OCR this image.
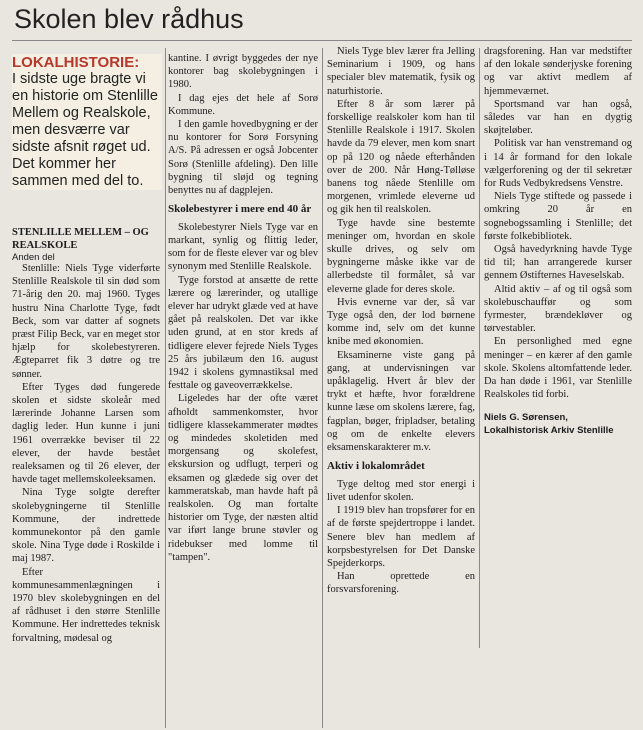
Skolen blev rådhus

LOKALHISTORIE:

I sidste uge bragte vi en historie om Stenlille Mellem og Realskole, men desværre var sidste afsnit røget ud. Det kommer her sammen med del to.

STENLILLE MELLEM – OG REALSKOLE

Anden del

Stenlille: Niels Tyge viderførte Stenlille Realskole til sin død som 71-årig den 20. maj 1960. Tyges hustru Nina Charlotte Tyge, født Beck, som var datter af sognets præst Filip Beck, var en meget stor hjælp for skolebestyreren. Ægteparret fik 3 døtre og tre sønner.

Efter Tyges død fungerede skolen et sidste skoleår med lærerinde Johanne Larsen som daglig leder. Hun kunne i juni 1961 overrække beviser til 22 elever, der havde bestået realeksamen og til 26 elever, der havde taget mellemskoleeksamen.

Nina Tyge solgte derefter skolebygningerne til Stenlille Kommune, der indrettede kommunekontor på den gamle skole. Nina Tyge døde i Roskilde i maj 1987.

Efter kommunesammenlægningen i 1970 blev skolebygningen en del af rådhuset i den større Stenlille Kommune. Her indrettedes teknisk forvaltning, mødesal og

kantine. I øvrigt byggedes der nye kontorer bag skolebygningen i 1980.

I dag ejes det hele af Sorø Kommune.

I den gamle hovedbygning er der nu kontorer for Sorø Forsyning A/S. På adressen er også Jobcenter Sorø (Stenlille afdeling). Den lille bygning til sløjd og tegning benyttes nu af dagplejen.

Skolebestyrer i mere end 40 år

Skolebestyrer Niels Tyge var en markant, synlig og flittig leder, som for de fleste elever var og blev synonym med Stenlille Realskole.

Tyge forstod at ansætte de rette lærere og lærerinder, og utallige elever har udrykt glæde ved at have gået på realskolen. Det var ikke uden grund, at en stor kreds af tidligere elever fejrede Niels Tyges 25 års jubilæum den 16. august 1942 i skolens gymnastiksal med festtale og gaveoverrækkelse.

Ligeledes har der ofte været afholdt sammenkomster, hvor tidligere klassekammerater mødtes og mindedes skoletiden med morgensang og skolefest, ekskursion og udflugt, terperi og eksamen og glædede sig over det kammeratskab, man havde haft på realskolen. Og man fortalte historier om Tyge, der næsten altid var iført lange brune støvler og ridebukser med lomme til "tampen".

Niels Tyge blev lærer fra Jelling Seminarium i 1909, og hans specialer blev matematik, fysik og naturhistorie.

Efter 8 år som lærer på forskellige realskoler kom han til Stenlille Realskole i 1917. Skolen havde da 79 elever, men kom snart op på 120 og nåede efterhånden over de 200. Når Høng-Tølløse banens tog nåede Stenlille om morgenen, vrimlede eleverne ud og gik hen til realskolen.

Tyge havde sine bestemte meninger om, hvordan en skole skulle drives, og selv om bygningerne måske ikke var de allerbedste til formålet, så var eleverne glade for deres skole.

Hvis evnerne var der, så var Tyge også den, der lod børnene komme ind, selv om det kunne knibe med økonomien.

Eksaminerne viste gang på gang, at undervisningen var upåklagelig. Hvert år blev der trykt et hæfte, hvor forældrene kunne læse om skolens lærere, fag, fagplan, bøger, fripladser, betaling og om de enkelte elevers eksamenskarakterer m.v.

Aktiv i lokalområdet

Tyge deltog med stor energi i livet udenfor skolen.

I 1919 blev han tropsfører for en af de første spejdertroppe i landet. Senere blev han medlem af korpsbestyrelsen for Det Danske Spejderkorps.

Han oprettede en forsvarsforening.

dragsforening. Han var medstifter af den lokale sønderjyske forening og var aktivt medlem af hjemmeværnet.

Sportsmand var han også, således var han en dygtig skøjteløber.

Politisk var han venstremand og i 14 år formand for den lokale vælgerforening og der til sekretær for Ruds Vedbykredsens Venstre.

Niels Tyge stiftede og passede i omkring 20 år en sognebogssamling i Stenlille; det første folkebibliotek.

Også havedyrkning havde Tyge tid til; han arrangerede kurser gennem Østifternes Haveselskab.

Altid aktiv – af og til også som skolebuschauffør og som fyrmester, brændekløver og tørvestabler.

En personlighed med egne meninger – en kærer af den gamle skole. Skolens altomfattende leder. Da han døde i 1961, var Stenlille Realskoles tid forbi.

Niels G. Sørensen,
Lokalhistorisk Arkiv Stenlille
